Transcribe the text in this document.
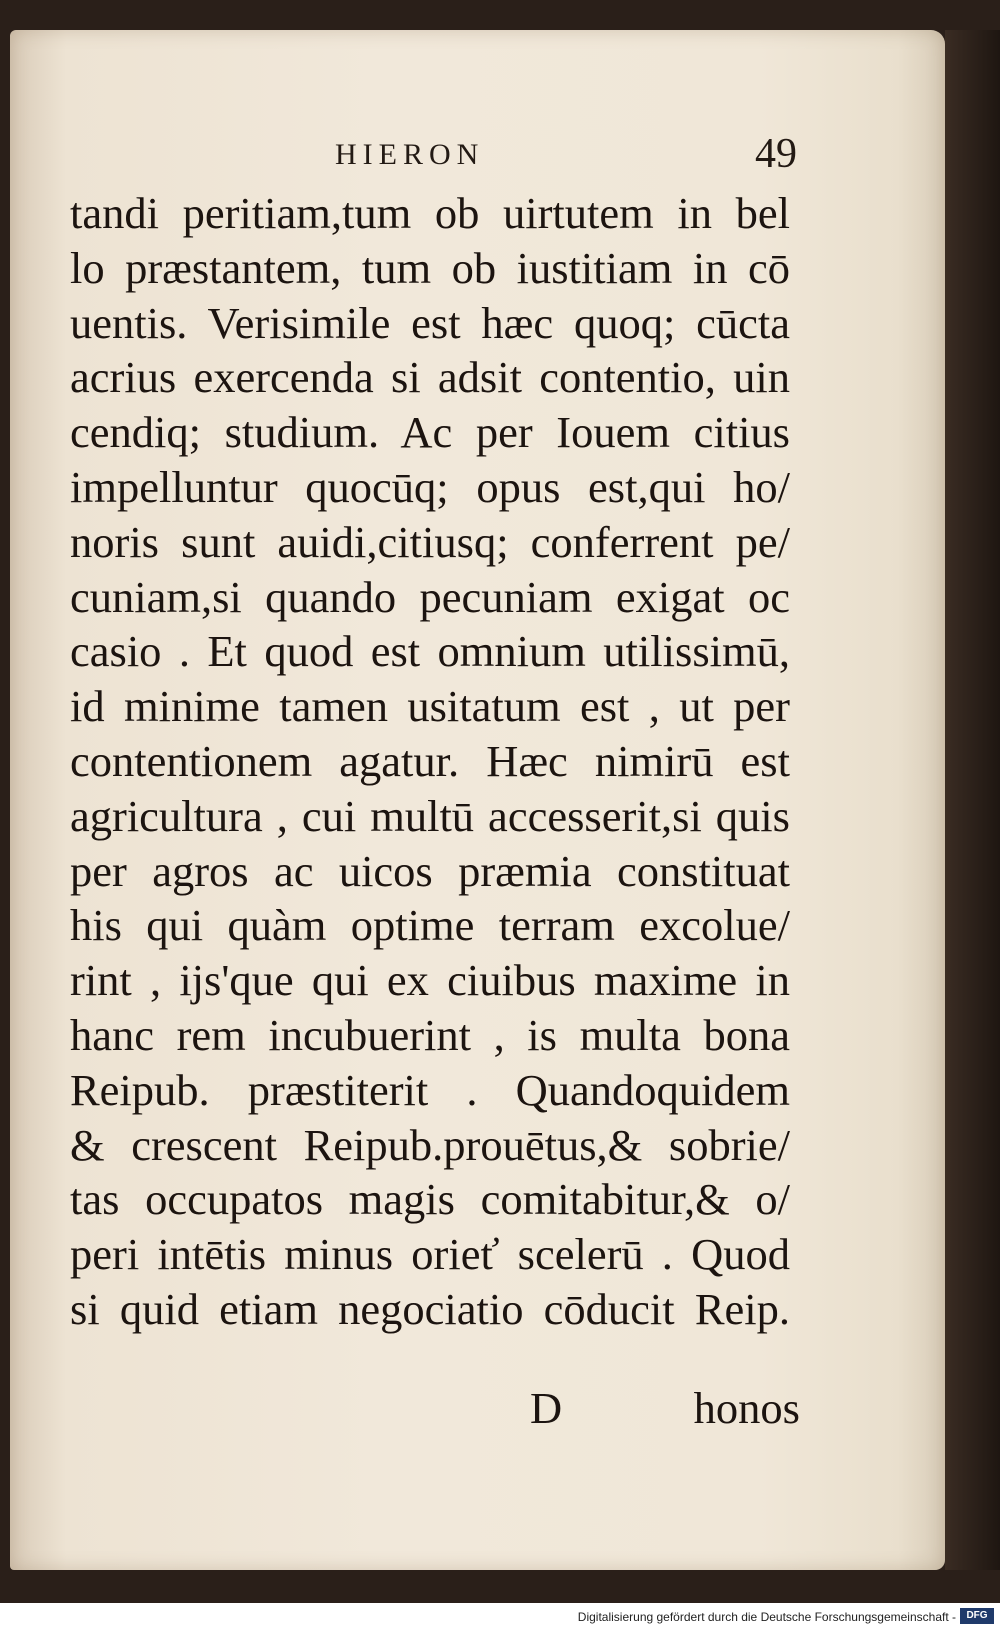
HIERON	49
tandi peritiam,tum ob uirtutem in bel
lo præstantem, tum ob iustitiam in cō
uentis. Verisimile est hæc quoq; cūcta
acrius exercenda si adsit contentio, uin
cendiq; studium. Ac per Iouem citius
impelluntur quocūq; opus est,qui ho/
noris sunt auidi,citiusq; conferrent pe/
cuniam,si quando pecuniam exigat oc
casio . Et quod est omnium utilissimū,
id minime tamen usitatum est , ut per
contentionem agatur. Hæc nimirū est
agricultura , cui multū accesserit,si quis
per agros ac uicos præmia constituat
his qui quàm optime terram excolue/
rint , ijs'que qui ex ciuibus maxime in
hanc rem incubuerint , is multa bona
Reipub. præstiterit . Quandoquidem
& crescent Reipub.prouētus,& sobrie/
tas occupatos magis comitabitur,& o/
peri intētis minus orieť scelerū . Quod
si quid etiam negociatio cōducit Reip.
D	honos
Digitalisierung gefördert durch die Deutsche Forschungsgemeinschaft -	DFG
